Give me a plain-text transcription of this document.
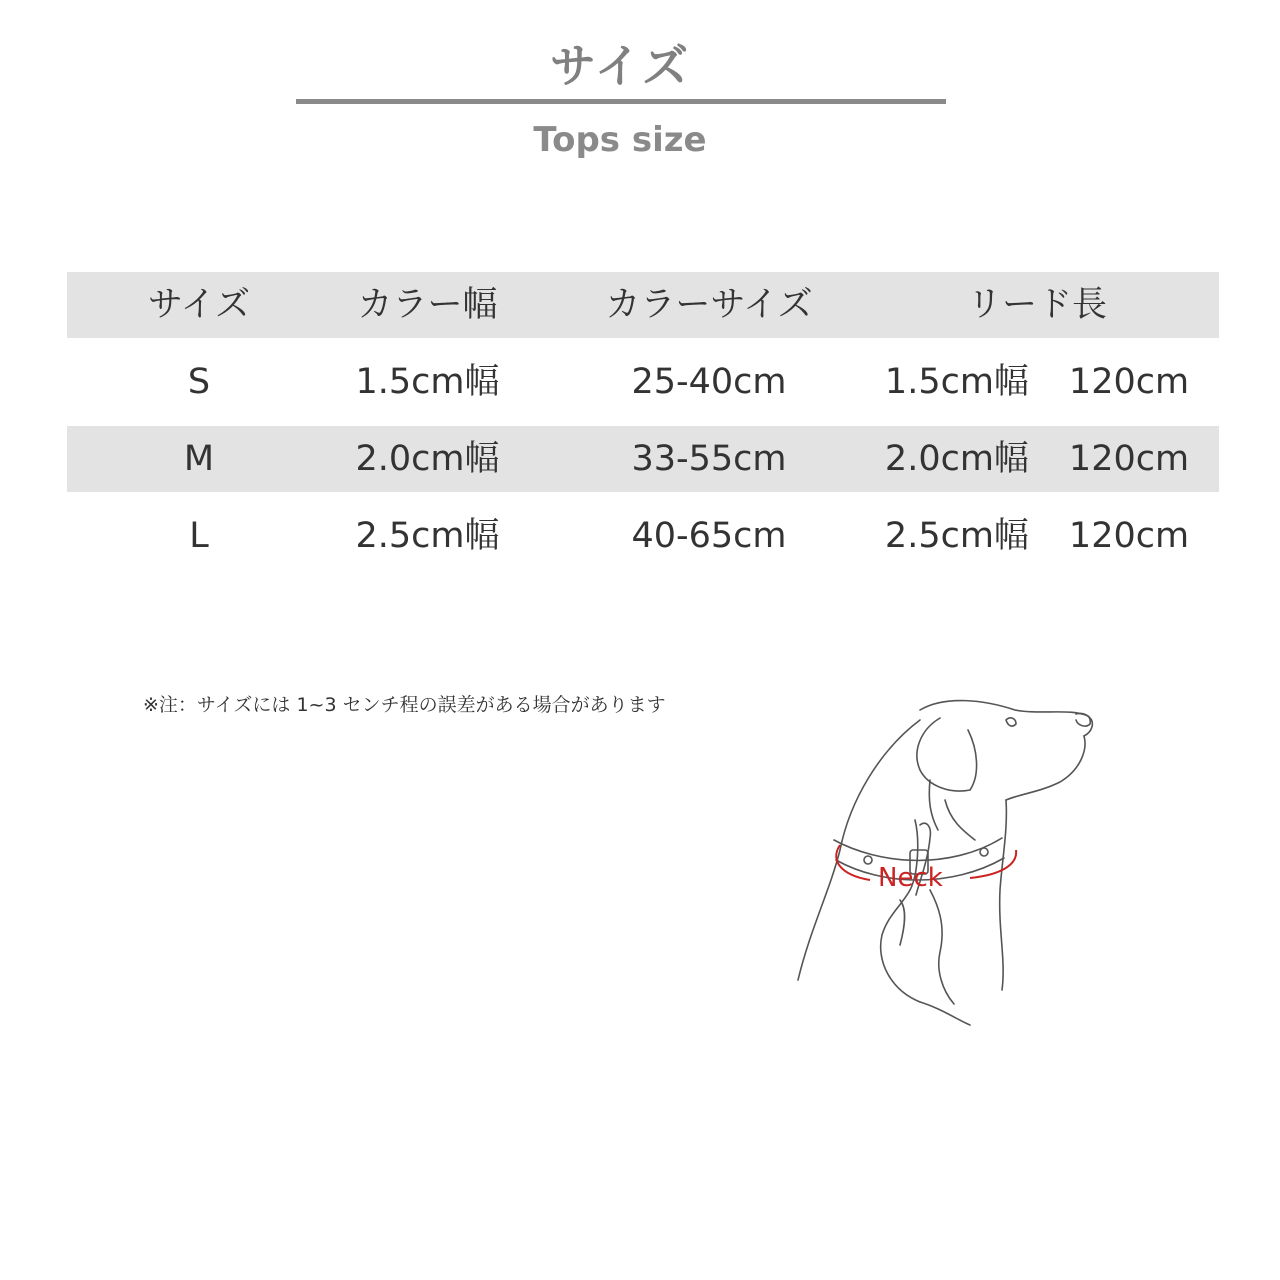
サイズ
Tops size
サイズ	カラー幅	カラーサイズ	リード長
S	1.5cm幅	25-40cm	1.5cm幅 120cm
M	2.0cm幅	33-55cm	2.0cm幅 120cm
L	2.5cm幅	40-65cm	2.5cm幅 120cm
※注：サイズには 1~3 センチ程の誤差がある場合があります
Neck
